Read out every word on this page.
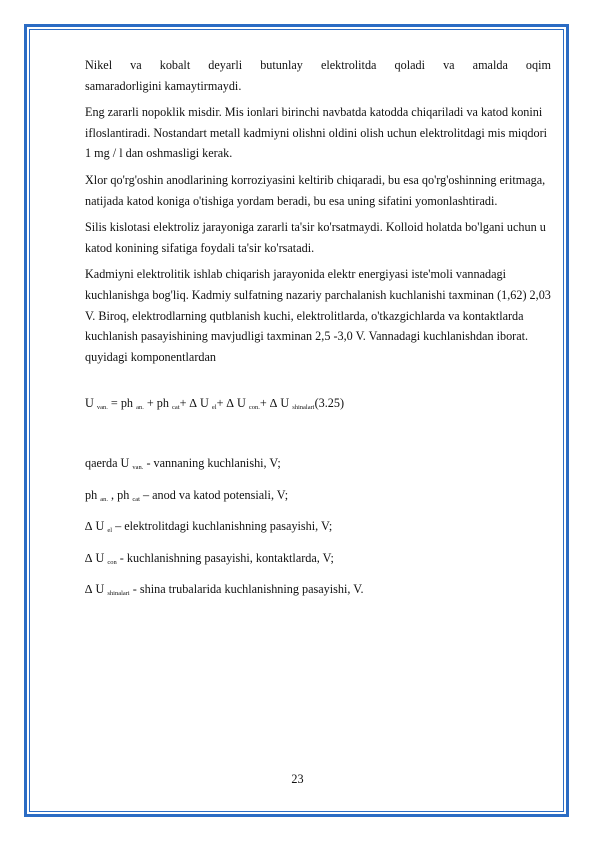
Nikel va kobalt deyarli butunlay elektrolitda qoladi va amalda oqim
samaradorligini kamaytirmaydi.

Eng zararli nopoklik misdir. Mis ionlari birinchi navbatda katodda chiqariladi va katod konini ifloslantiradi. Nostandart metall kadmiyni olishni oldini olish uchun elektrolitdagi mis miqdori 1 mg / l dan oshmasligi kerak.

Xlor qo'rg'oshin anodlarining korroziyasini keltirib chiqaradi, bu esa qo'rg'oshinning eritmaga, natijada katod koniga o'tishiga yordam beradi, bu esa uning sifatini yomonlashtiradi.

Silis kislotasi elektroliz jarayoniga zararli ta'sir ko'rsatmaydi. Kolloid holatda bo'lgani uchun u katod konining sifatiga foydali ta'sir ko'rsatadi.

Kadmiyni elektrolitik ishlab chiqarish jarayonida elektr energiyasi iste'moli vannadagi kuchlanishga bog'liq. Kadmiy sulfatning nazariy parchalanish kuchlanishi taxminan (1,62) 2,03 V. Biroq, elektrodlarning qutblanish kuchi, elektrolitlarda, o'tkazgichlarda va kontaktlarda kuchlanish pasayishining mavjudligi taxminan 2,5 -3,0 V. Vannadagi kuchlanishdan iborat. quyidagi komponentlardan

U $_{van.}$ = ph $_{an.}$ + ph $_{cat}$+ ∆ U $_{el}$+ ∆ U $_{con.}$+ ∆ U $_{shinalari}$(3.25)

qaerda U $_{van.}$ - vannaning kuchlanishi, V;

ph $_{an.}$ , ph $_{cat}$ – anod va katod potensiali, V;

∆ U $_{el}$ – elektrolitdagi kuchlanishning pasayishi, V;

∆ U $_{con}$ - kuchlanishning pasayishi, kontaktlarda, V;

∆ U $_{shinalari}$ - shina trubalarida kuchlanishning pasayishi, V.

23
